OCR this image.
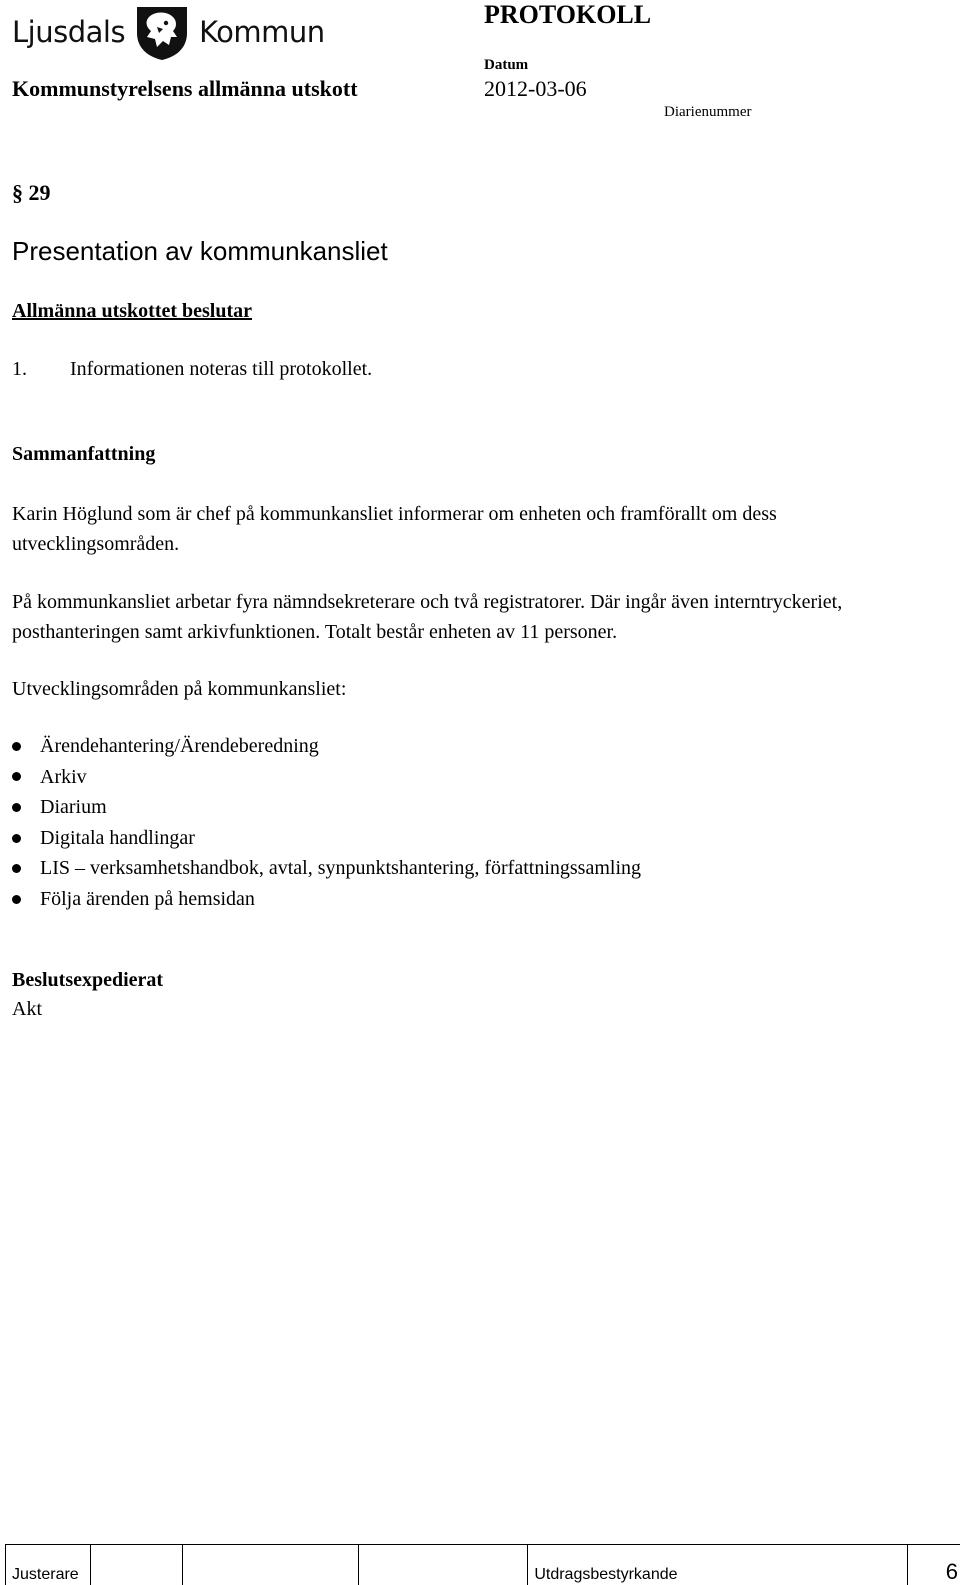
Ljusdals	Kommun
PROTOKOLL
Datum
Kommunstyrelsens allmänna utskott	2012-03-06
Diarienummer
§ 29
Presentation av kommunkansliet
Allmänna utskottet beslutar
1. Informationen noteras till protokollet.
Sammanfattning
Karin Höglund som är chef på kommunkansliet informerar om enheten och framförallt om dess utvecklingsområden.
På kommunkansliet arbetar fyra nämndsekreterare och två registratorer. Där ingår även interntryckeriet, posthanteringen samt arkivfunktionen. Totalt består enheten av 11 personer.
Utvecklingsområden på kommunkansliet:
Ärendehantering/Ärendeberedning
Arkiv
Diarium
Digitala handlingar
LIS – verksamhetshandbok, avtal, synpunktshantering, författningssamling
Följa ärenden på hemsidan
Beslutsexpedierat
Akt
Justerare				Utdragsbestyrkande	6
